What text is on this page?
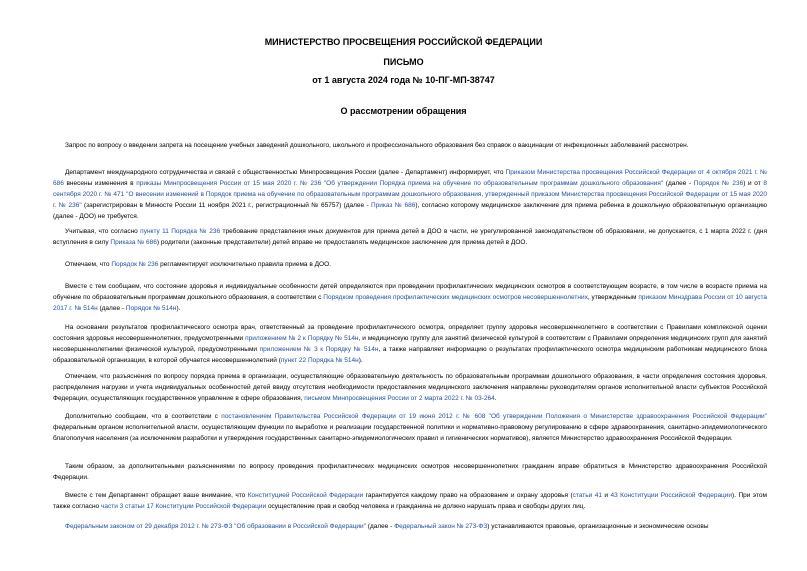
МИНИСТЕРСТВО ПРОСВЕЩЕНИЯ РОССИЙСКОЙ ФЕДЕРАЦИИ
ПИСЬМО
от 1 августа 2024 года № 10-ПГ-МП-38747
О рассмотрении обращения
Запрос по вопросу о введении запрета на посещение учебных заведений дошкольного, школьного и профессионального образования без справок о вакцинации от инфекционных заболеваний рассмотрен.
Департамент международного сотрудничества и связей с общественностью Минпросвещения России (далее - Департамент) информирует, что Приказом Министерства просвещения Российской Федерации от 4 октября 2021 г. № 686 внесены изменения в приказы Минпросвещения России от 15 мая 2020 г. № 236 "Об утверждении Порядка приема на обучение по образовательным программам дошкольного образования" (далее - Порядок № 236) и от 8 сентября 2020 г. № 471 "О внесении изменений в Порядок приема на обучение по образовательным программам дошкольного образования, утвержденный приказом Министерства просвещения Российской Федерации от 15 мая 2020 г. № 236" (зарегистрирован в Минюсте России 11 ноября 2021 г., регистрационный № 65757) (далее - Приказ № 686), согласно которому медицинское заключение для приема ребенка в дошкольную образовательную организацию (далее - ДОО) не требуется.
Учитывая, что согласно пункту 11 Порядка № 236 требование представления иных документов для приема детей в ДОО в части, не урегулированной законодательством об образовании, не допускается, с 1 марта 2022 г. (дня вступления в силу Приказа № 686) родители (законные представители) детей вправе не предоставлять медицинское заключение для приема детей в ДОО.
Отмечаем, что Порядок № 236 регламентирует исключительно правила приема в ДОО.
Вместе с тем сообщаем, что состояние здоровья и индивидуальные особенности детей определяются при проведении профилактических медицинских осмотров в соответствующем возрасте, в том числе в возрасте приема на обучение по образовательным программам дошкольного образования, в соответствии с Порядком проведения профилактических медицинских осмотров несовершеннолетних, утвержденным приказом Минздрава России от 10 августа 2017 г. № 514н (далее - Порядок № 514н).
На основании результатов профилактического осмотра врач, ответственный за проведение профилактического осмотра, определяет группу здоровья несовершеннолетнего в соответствии с Правилами комплексной оценки состояния здоровья несовершеннолетних, предусмотренными приложением № 2 к Порядку № 514н, и медицинскую группу для занятий физической культурой в соответствии с Правилами определения медицинских групп для занятий несовершеннолетними физической культурой, предусмотренными приложением № 3 к Порядку № 514н, а также направляет информацию о результатах профилактического осмотра медицинским работникам медицинского блока образовательной организации, в которой обучается несовершеннолетний (пункт 22 Порядка № 514н).
Отмечаем, что разъяснения по вопросу порядка приема в организации, осуществляющие образовательную деятельность по образовательным программам дошкольного образования, в части определения состояния здоровья, распределения нагрузки и учета индивидуальных особенностей детей ввиду отсутствия необходимости предоставления медицинского заключения направлены руководителям органов исполнительной власти субъектов Российской Федерации, осуществляющих государственное управление в сфере образования, письмом Минпросвещения России от 2 марта 2022 г. № 03-264.
Дополнительно сообщаем, что в соответствии с постановлением Правительства Российской Федерации от 19 июня 2012 г. № 608 "Об утверждении Положения о Министерстве здравоохранения Российской Федерации" федеральным органом исполнительной власти, осуществляющим функции по выработке и реализации государственной политики и нормативно-правовому регулированию в сфере здравоохранения, санитарно-эпидемиологического благополучия населения (за исключением разработки и утверждения государственных санитарно-эпидемиологических правил и гигиенических нормативов), является Министерство здравоохранения Российской Федерации.
Таким образом, за дополнительными разъяснениями по вопросу проведения профилактических медицинских осмотров несовершеннолетних гражданин вправе обратиться в Министерство здравоохранения Российской Федерации.
Вместе с тем Департамент обращает ваше внимание, что Конституцией Российской Федерации гарантируется каждому право на образование и охрану здоровья (статьи 41 и 43 Конституции Российской Федерации). При этом также согласно части 3 статьи 17 Конституции Российской Федерации осуществление прав и свобод человека и гражданина не должно нарушать права и свободы других лиц.
Федеральным законом от 29 декабря 2012 г. № 273-ФЗ "Об образовании в Российской Федерации" (далее - Федеральный закон № 273-ФЗ) устанавливаются правовые, организационные и экономические основы
